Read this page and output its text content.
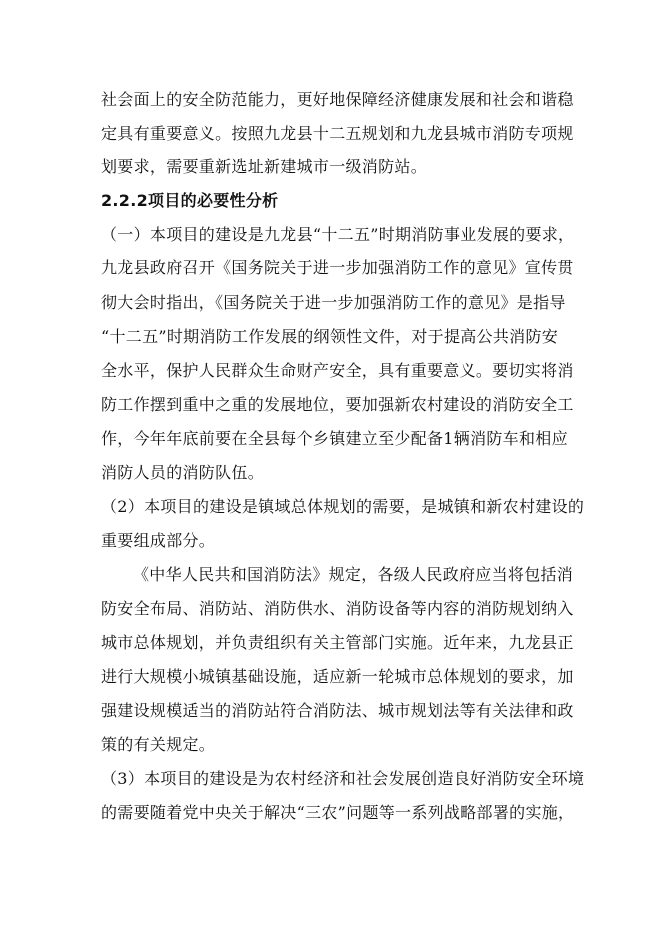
社会面上的安全防范能力，更好地保障经济健康发展和社会和谐稳
定具有重要意义。按照九龙县十二五规划和九龙县城市消防专项规
划要求，需要重新选址新建城市一级消防站。
2.2.2项目的必要性分析
（一）本项目的建设是九龙县“十二五”时期消防事业发展的要求，
九龙县政府召开《国务院关于进一步加强消防工作的意见》宣传贯
彻大会时指出，《国务院关于进一步加强消防工作的意见》是指导
“十二五”时期消防工作发展的纲领性文件，对于提高公共消防安
全水平，保护人民群众生命财产安全，具有重要意义。要切实将消
防工作摆到重中之重的发展地位，要加强新农村建设的消防安全工
作，今年年底前要在全县每个乡镇建立至少配备1辆消防车和相应
消防人员的消防队伍。
（2）本项目的建设是镇域总体规划的需要，是城镇和新农村建设的
重要组成部分。
《中华人民共和国消防法》规定，各级人民政府应当将包括消
防安全布局、消防站、消防供水、消防设备等内容的消防规划纳入
城市总体规划，并负责组织有关主管部门实施。近年来，九龙县正
进行大规模小城镇基础设施，适应新一轮城市总体规划的要求，加
强建设规模适当的消防站符合消防法、城市规划法等有关法律和政
策的有关规定。
（3）本项目的建设是为农村经济和社会发展创造良好消防安全环境
的需要随着党中央关于解决“三农”问题等一系列战略部署的实施，
